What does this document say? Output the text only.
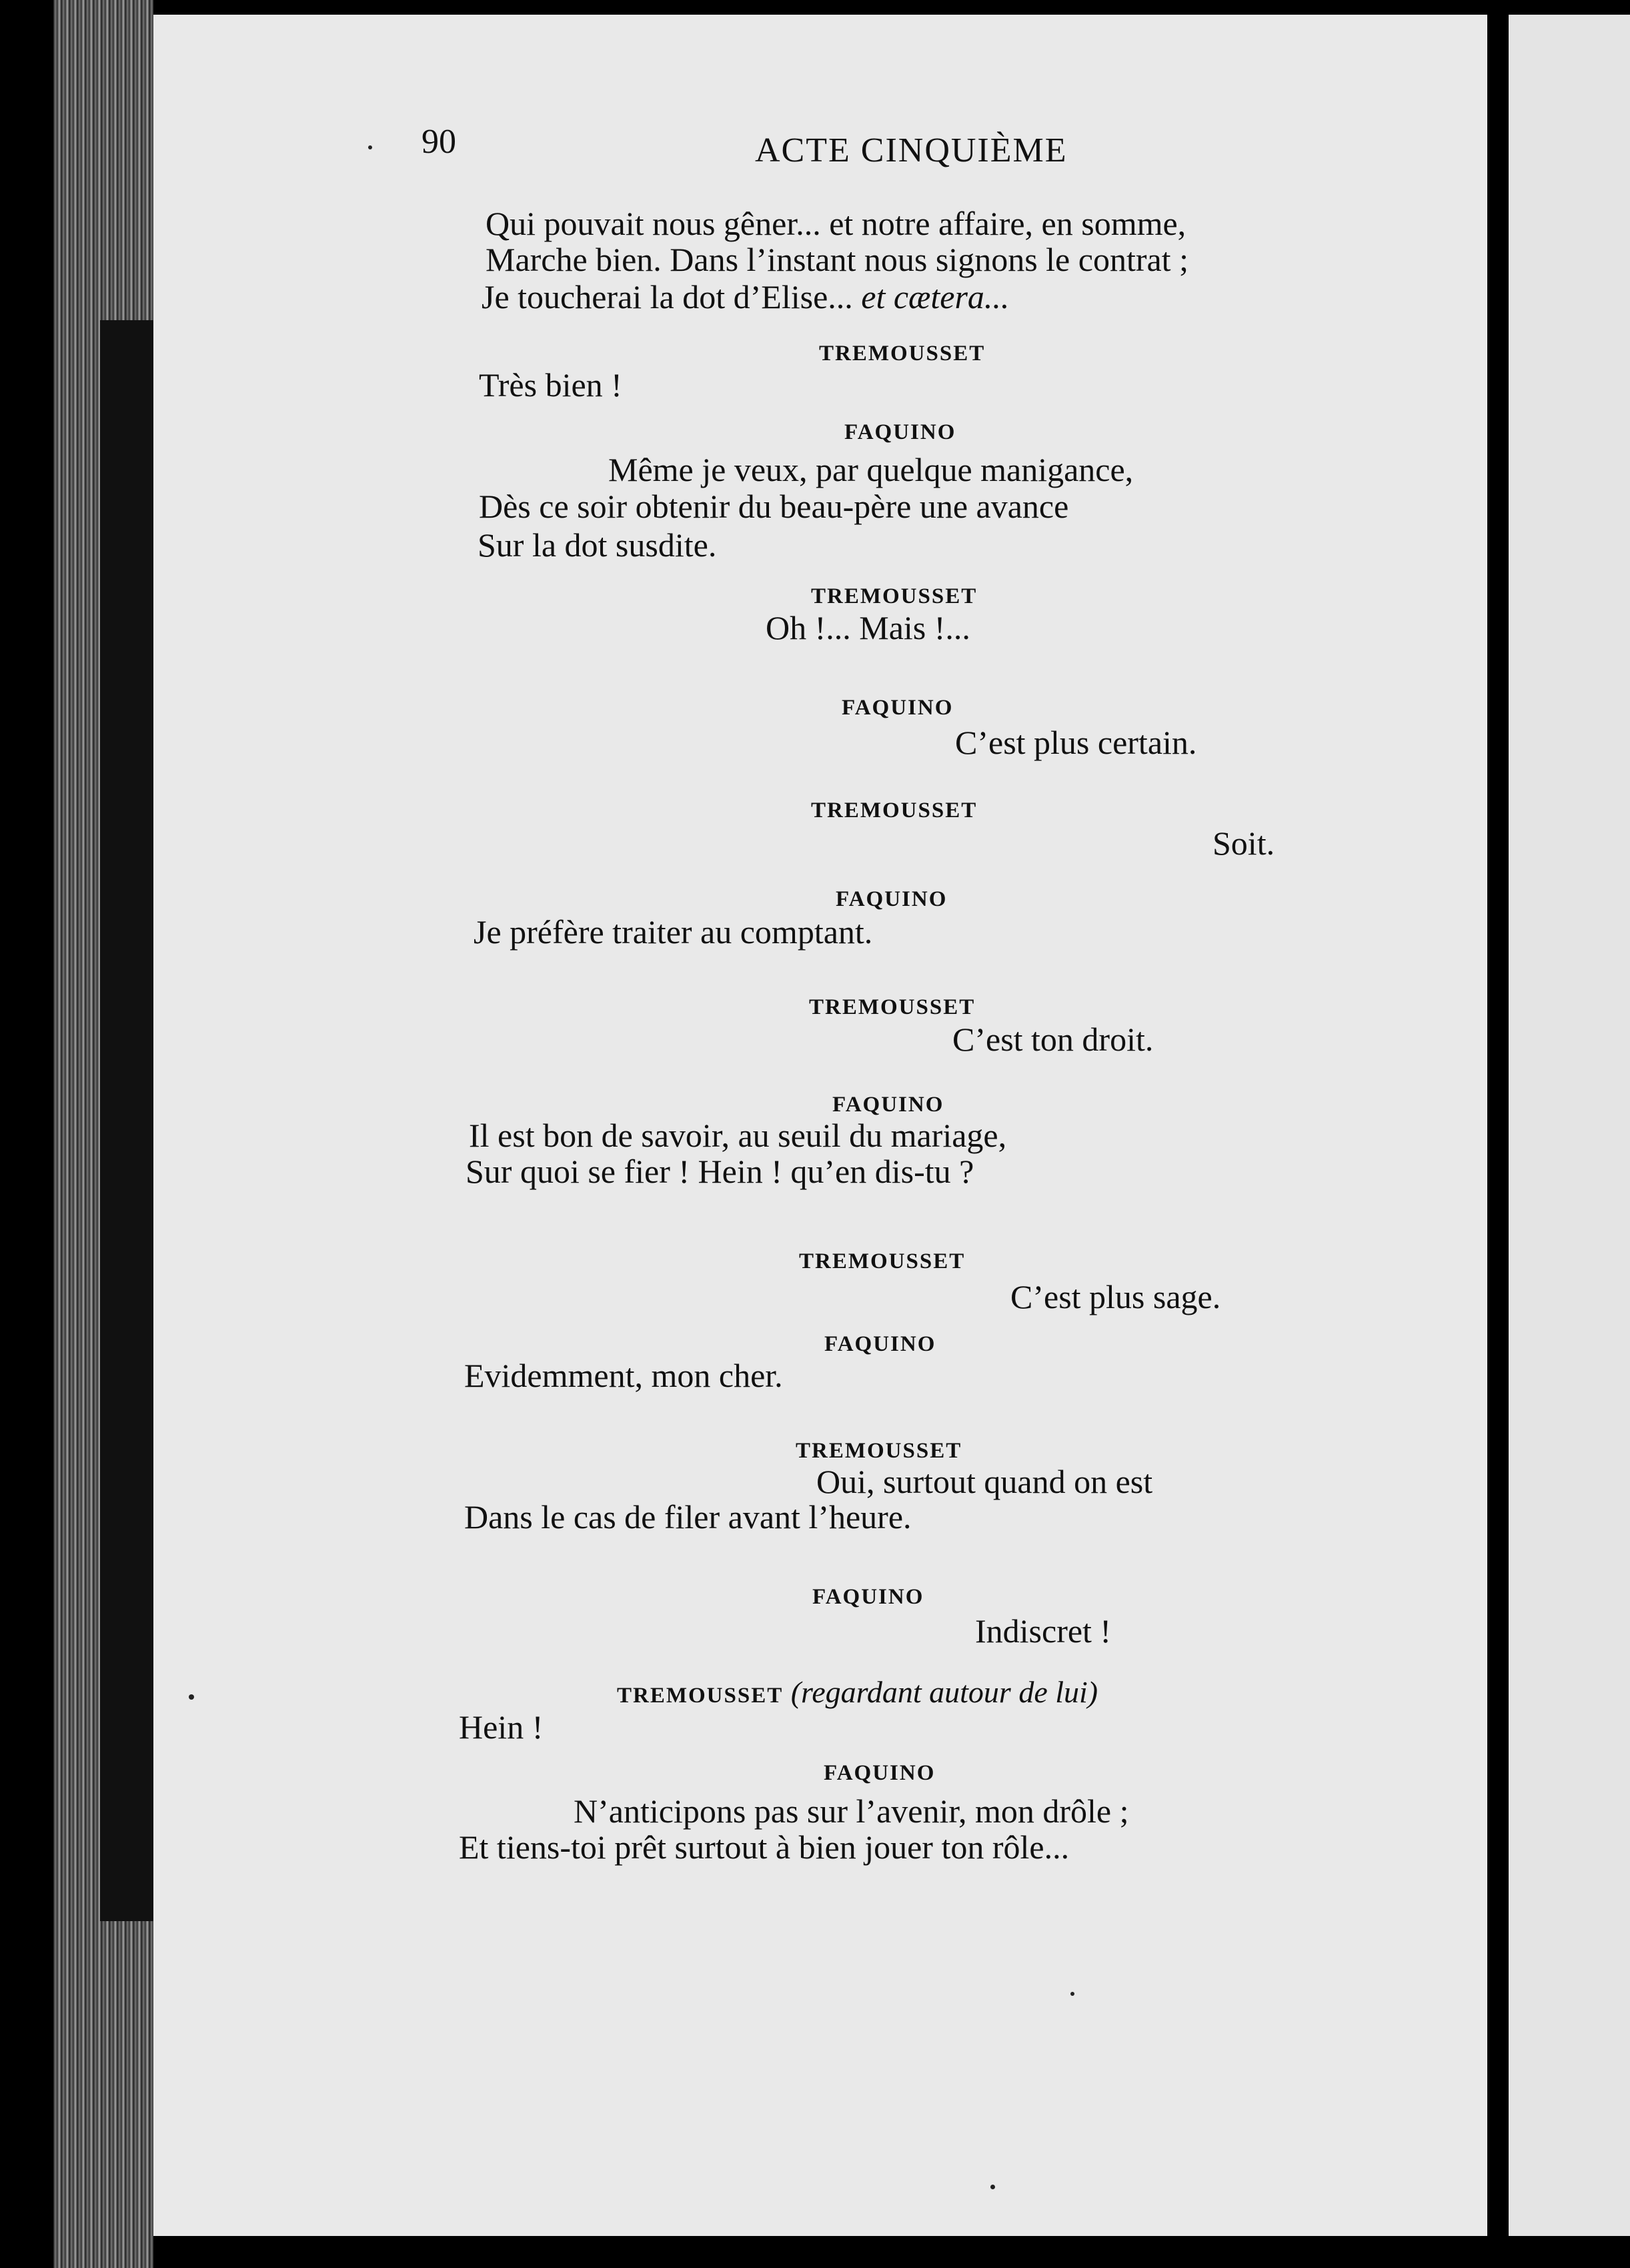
90	ACTE CINQUIÈME
Qui pouvait nous gêner... et notre affaire, en somme,
Marche bien. Dans l’instant nous signons le contrat ;
Je toucherai la dot d’Elise... et cætera...
TREMOUSSET
Très bien !
FAQUINO
Même je veux, par quelque manigance,
Dès ce soir obtenir du beau-père une avance
Sur la dot susdite.
TREMOUSSET
Oh !... Mais !...
FAQUINO
C’est plus certain.
TREMOUSSET
Soit.
FAQUINO
Je préfère traiter au comptant.
TREMOUSSET
C’est ton droit.
FAQUINO
Il est bon de savoir, au seuil du mariage,
Sur quoi se fier ! Hein ! qu’en dis-tu ?
TREMOUSSET
C’est plus sage.
FAQUINO
Evidemment, mon cher.
TREMOUSSET
Oui, surtout quand on est
Dans le cas de filer avant l’heure.
FAQUINO
Indiscret !
TREMOUSSET (regardant autour de lui)
Hein !
FAQUINO
N’anticipons pas sur l’avenir, mon drôle ;
Et tiens-toi prêt surtout à bien jouer ton rôle...
